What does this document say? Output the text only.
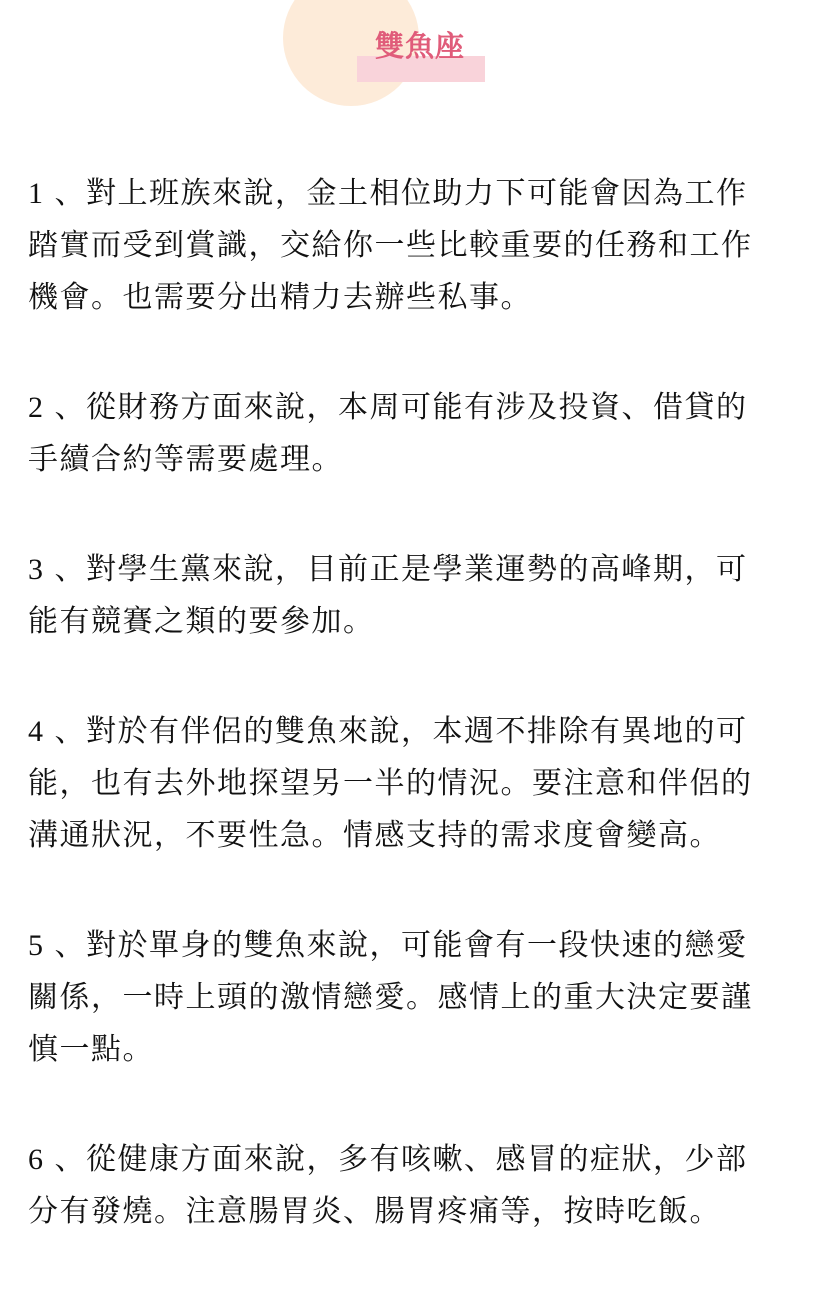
雙魚座

1 、對上班族來說，金土相位助力下可能會因為工作
踏實而受到賞識，交給你一些比較重要的任務和工作
機會。也需要分出精力去辦些私事。

2 、從財務方面來說，本周可能有涉及投資、借貸的
手續合約等需要處理。

3 、對學生黨來說，目前正是學業運勢的高峰期，可
能有競賽之類的要參加。

4 、對於有伴侶的雙魚來說，本週不排除有異地的可
能，也有去外地探望另一半的情況。要注意和伴侶的
溝通狀況，不要性急。情感支持的需求度會變高。

5 、對於單身的雙魚來說，可能會有一段快速的戀愛
關係，一時上頭的激情戀愛。感情上的重大決定要謹
慎一點。

6 、從健康方面來說，多有咳嗽、感冒的症狀，少部
分有發燒。注意腸胃炎、腸胃疼痛等，按時吃飯。
